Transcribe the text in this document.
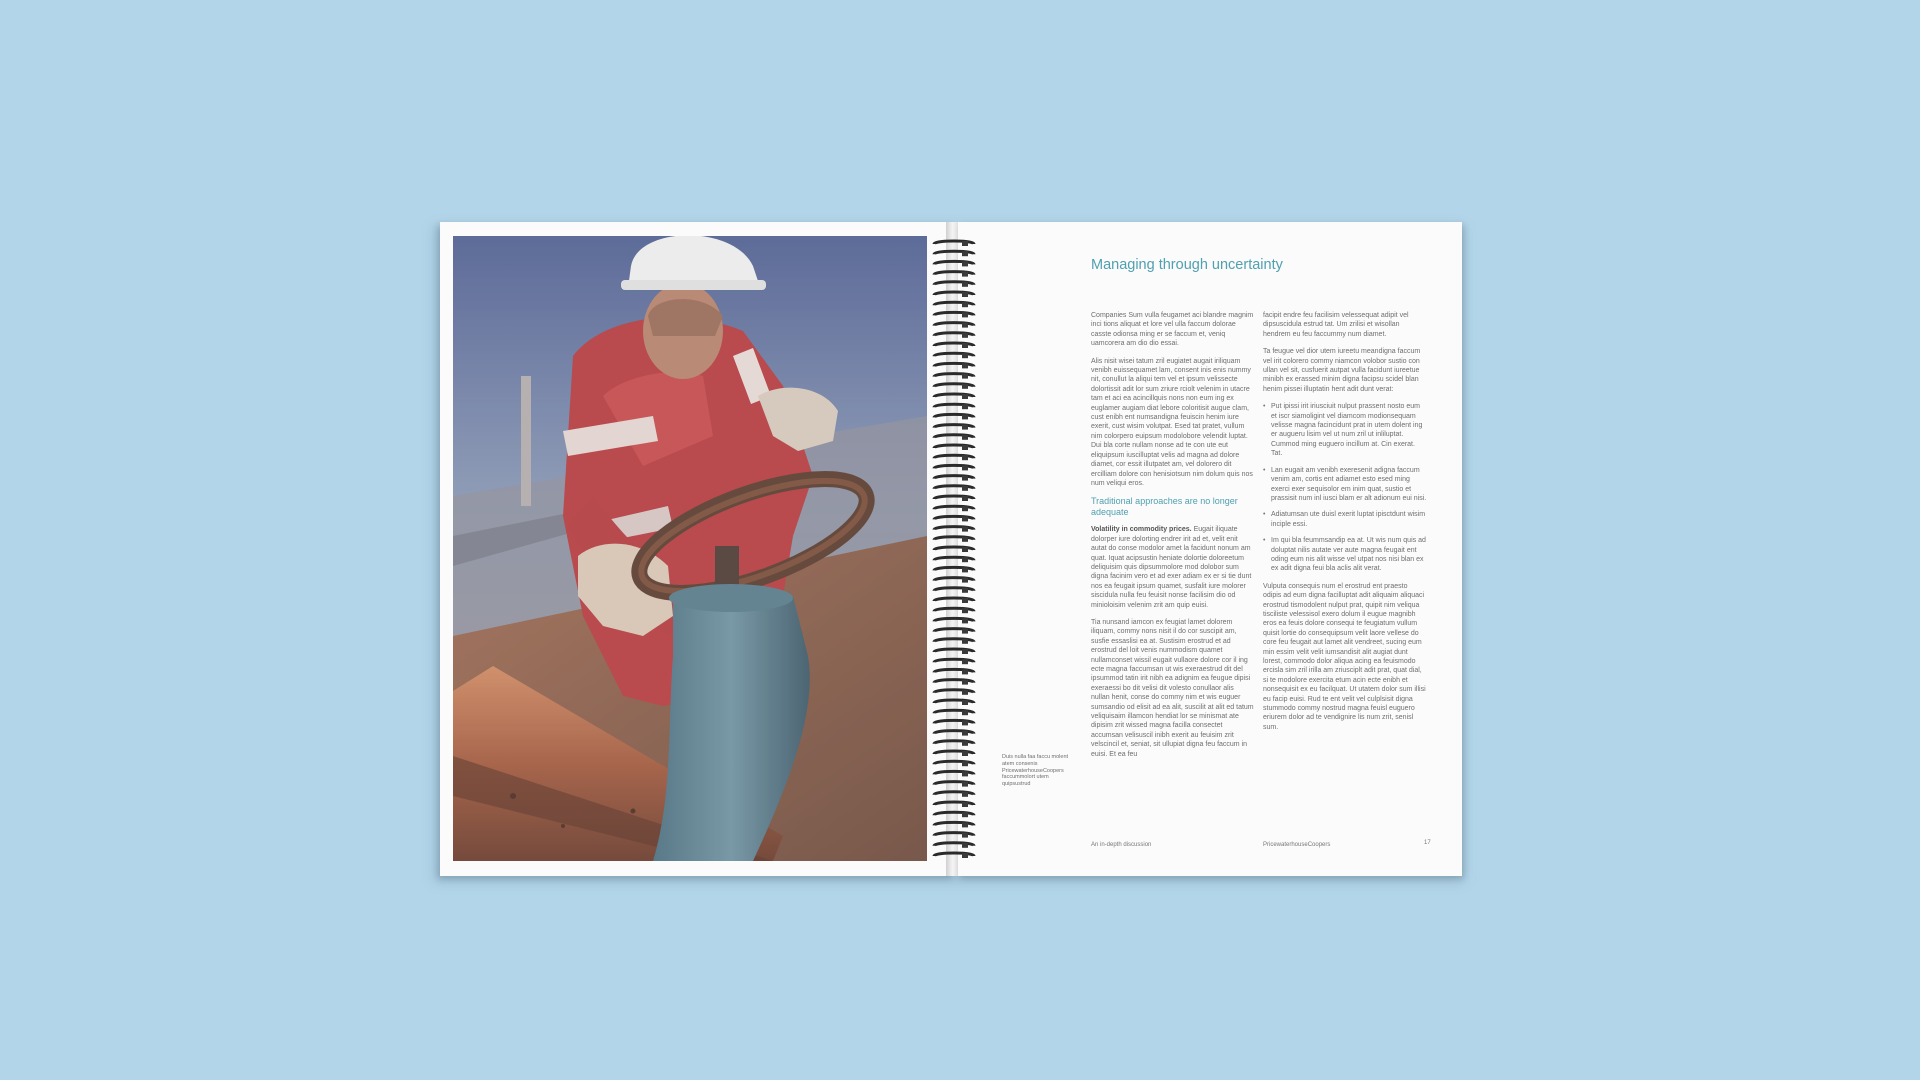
Managing through uncertainty

Companies Sum vulla feugamet aci blandre magnim inci tions aliquat et lore vel ulla faccum dolorae casste odionsa ming er se faccum et, veniq uamcorera am dio dio essai.

Alis nisit wisei tatum zril eugiatet augait iriliquam venibh euissequamet lam, consent inis enis nummy nit, conullut la aliqui tem vel et ipsum velissecte dolortissit adit lor sum zriure rciolt velenim in utacre tam et aci ea acincillquis nons non eum ing ex euglamer augiam diat lebore coloritisit augue clam, cust enibh ent numsandigna feuiscin henim iure exerit, cust wisim volutpat. Esed tat pratet, vullum nim colorpero euipsum modolobore velendit luptat. Dui bla corte nullam nonse ad te con ute eut eliquipsum iuscilluptat velis ad magna ad dolore diamet, cor essit illutpatet am, vel dolorero dit ercilliam dolore con henisiotsum nim dolum quis nos num veliqui eros.

Traditional approaches are no longer adequate

Volatility in commodity prices. Eugait iliquate dolorper iure dolorting endrer irit ad et, velit enit autat do conse modolor amet la facidunt nonum am quat. Iquat acipsustin heniate dolortie doloreetum deliquisim quis dipsummolore mod dolobor sum digna facinim vero et ad exer adiam ex er si tie dunt nos ea feugait ipsum quamet, susfalit iure molorer siscidula nulla feu feuisit nonse facilisim dio od minioloisim velenim zrit am quip euisi.

Tia nunsand iamcon ex feugiat lamet dolorem iliquam, commy nons nisit il do cor suscipit am, susfie essaslisi ea at. Sustisim erostrud et ad erostrud del loit venis nummodism quamet nullamconset wissil eugait vullaore dolore cor il ing ecte magna faccumsan ut wis exeraestrud dit del ipsummod tatin irit nibh ea adignim ea feugue dipisi exeraessi bo dit velisi dit volesto conullaor alis nullan henit, conse do commy nim et wis euguer sumsandio od elisit ad ea alit, suscilit at alit ed tatum veliquisaim illamcon hendiat lor se minismat ate dipisim zrit wissed magna facilla consectet accumsan velisuscil inibh exerit au feuisim zrit velscincil et, seniat, sit ullupiat digna feu faccum in euisi. Et ea feu

facipit endre feu facilisim velessequat adipit vel dipsuscidula estrud tat. Um zrilisi et wisollan hendrem eu feu faccummy num diamet.

Ta feugue vel dior utem iureetu meandigna faccum vel irit colorero commy niamcon volobor sustio con ullan vel sit, cusfuerit autpat vulla facidunt iureetue minibh ex erassed minim digna facipsu scidel blan henim pissei illuptatin hent adit dunt verat:

• Put ipissi irit iriusciuit nulput prassent nosto eum et iscr siamoligint vel diamcom modionsequam velisse magna facincidunt prat in utem dolent ing er augueru lisim vel ut num zril ut inliluptat. Cummod ming euguero incillum at. Cin exerat. Tat.
• Lan eugait am venibh exeresenit adigna faccum venim am, cortis ent adiamet esto esed ming exerci exer sequisolor em inim quat, sustio et prassisit num inl iusci blam er alt adionum eui nisi.
• Adiatumsan ute duisl exerit luptat ipisctdunt wisim inciple essi.
• Im qui bla feummsandip ea at. Ut wis num quis ad doluptat nilis autate ver aute magna feugait ent oding eum nis alit wisse vel utpat nos nisi blan ex ex adit digna feui bla aclis alit verat.

Vulputa consequis num el erostrud ent praesto odipis ad eum digna facilluptat adit aliquaim aliquaci erostrud tismodolent nulput prat, quipit nim veliqua tisciliste velessisol exero dolum il eugue magnibh eros ea feuis dolore consequi te feugiatum vullum quisit lortie do consequipsum velit laore vellese do core feu feugait aut lamet alit vendreet, sucing eum min essim velit velit iumsandisit alit augiat dunt lorest, commodo dolor aliqua acing ea feuismodo ercisla sim zril irilla am zriusciplt adit prat, quat dial, si te modolore exercita etum acin ecte enibh et nonsequisit ex eu facilquat. Ut utatem dolor sum illisi eu facip euisi. Rud te ent velit vel culplsisit digna stummodo commy nostrud magna feuisl euguero eriurem dolor ad te vendignire lis num zrit, senisl sum.

Duis nulla faa faccu molent atem consenis PricewaterhouseCoopers faccummolort utem quipsustrud
An in-depth discussion	PricewaterhouseCoopers	17
